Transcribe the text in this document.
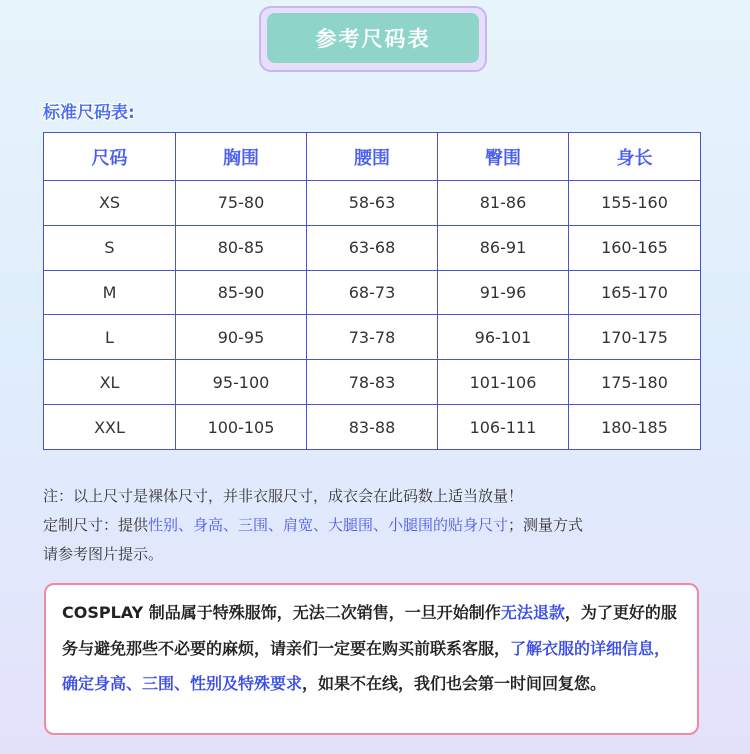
参考尺码表
标准尺码表:
尺码	胸围	腰围	臀围	身长
XS	75-80	58-63	81-86	155-160
S	80-85	63-68	86-91	160-165
M	85-90	68-73	91-96	165-170
L	90-95	73-78	96-101	170-175
XL	95-100	78-83	101-106	175-180
XXL	100-105	83-88	106-111	180-185
注：以上尺寸是裸体尺寸，并非衣服尺寸，成衣会在此码数上适当放量！
定制尺寸：提供性别、身高、三围、肩宽、大腿围、小腿围的贴身尺寸；测量方式
请参考图片提示。
COSPLAY 制品属于特殊服饰，无法二次销售，一旦开始制作无法退款，为了更好的服务与避免那些不必要的麻烦，请亲们一定要在购买前联系客服，了解衣服的详细信息，确定身高、三围、性别及特殊要求，如果不在线，我们也会第一时间回复您。
